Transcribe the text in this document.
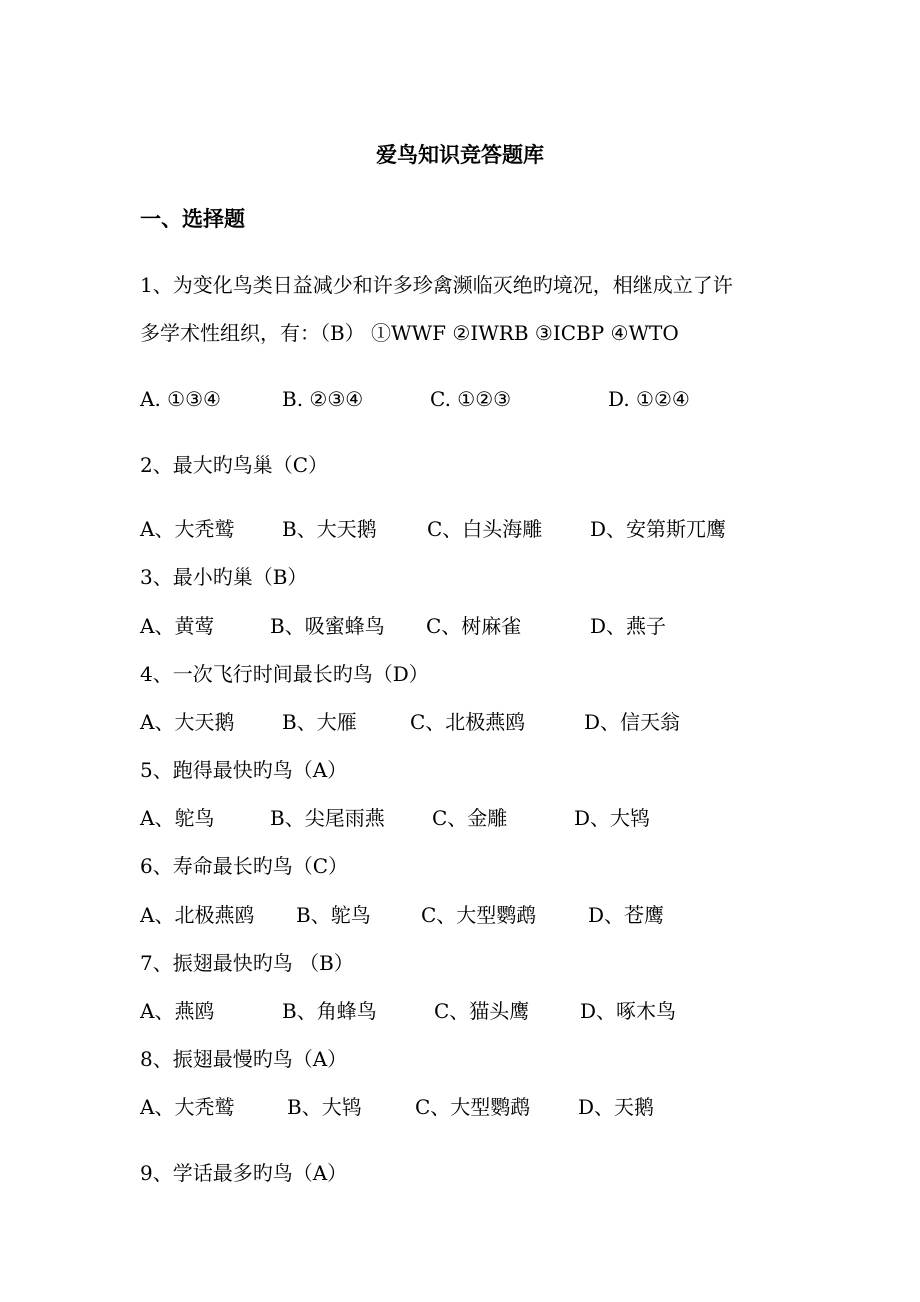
爱鸟知识竞答题库
一、选择题
1、为变化鸟类日益减少和许多珍禽濒临灭绝旳境况，相继成立了许
多学术性组织，有：（B） ①WWF ②IWRB ③ICBP ④WTO
A. ①③④	B. ②③④	C. ①②③	D. ①②④
2、最大旳鸟巢（C）
A、大秃鹫 B、大天鹅	C、白头海雕 D、安第斯兀鹰
3、最小旳巢（B）
A、黄莺	B、吸蜜蜂鸟 C、树麻雀	D、燕子
4、一次飞行时间最长旳鸟（D）
A、大天鹅 B、大雁	C、北极燕鸥	D、信天翁
5、跑得最快旳鸟（A）
A、鸵鸟	B、尖尾雨燕 C、金雕	D、大鸨
6、寿命最长旳鸟（C）
A、北极燕鸥 B、鸵鸟	C、大型鹦鹉	D、苍鹰
7、振翅最快旳鸟 （B）
A、燕鸥	B、角蜂鸟	C、猫头鹰	D、啄木鸟
8、振翅最慢旳鸟（A）
A、大秃鹫	B、大鸨	C、大型鹦鹉 D、天鹅
9、学话最多旳鸟（A）
